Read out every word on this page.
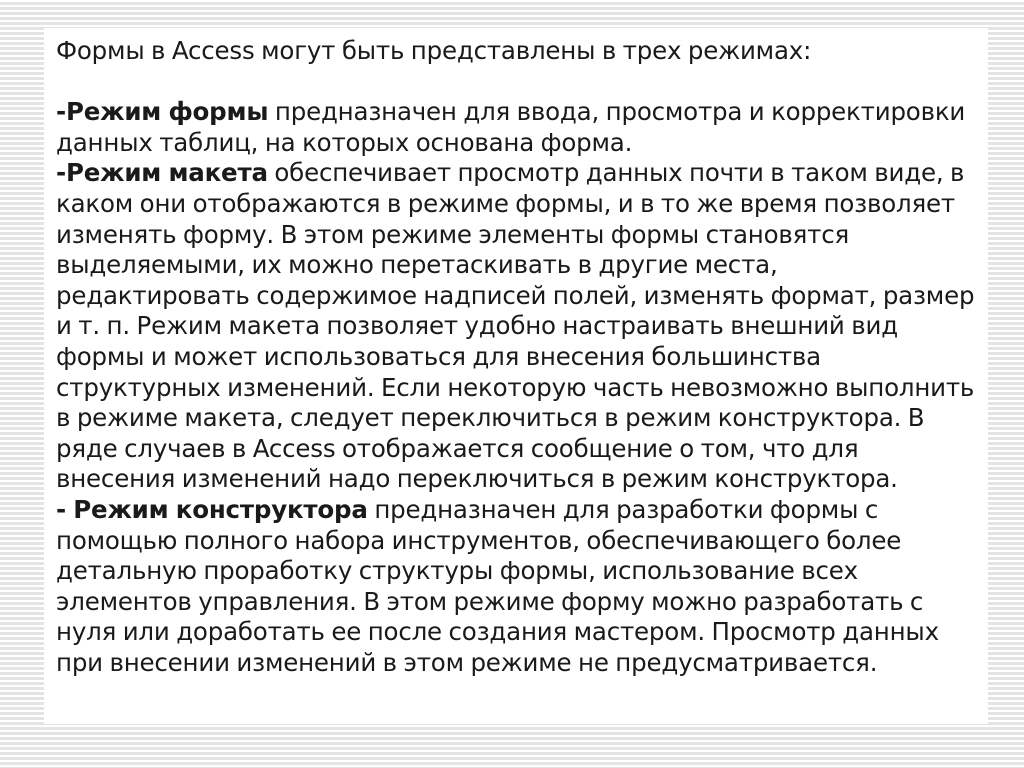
Формы в Access могут быть представлены в трех режимах:

-Режим формы предназначен для ввода, просмотра и корректировки данных таблиц, на которых основана форма.

-Режим макета обеспечивает просмотр данных почти в таком виде, в каком они отображаются в режиме формы, и в то же время позволяет изменять форму. В этом режиме элементы формы становятся выделяемыми, их можно перетаскивать в другие места, редактировать содержимое надписей полей, изменять формат, размер и т. п. Режим макета позволяет удобно настраивать внешний вид формы и может использоваться для внесения большинства структурных изменений. Если некоторую часть невозможно выполнить в режиме макета, следует переключиться в режим конструктора. В ряде случаев в Access отображается сообщение о том, что для внесения изменений надо переключиться в режим конструктора.

- Режим конструктора предназначен для разработки формы с помощью полного набора инструментов, обеспечивающего более детальную проработку структуры формы, использование всех элементов управления. В этом режиме форму можно разработать с нуля или доработать ее после создания мастером. Просмотр данных при внесении изменений в этом режиме не предусматривается.
